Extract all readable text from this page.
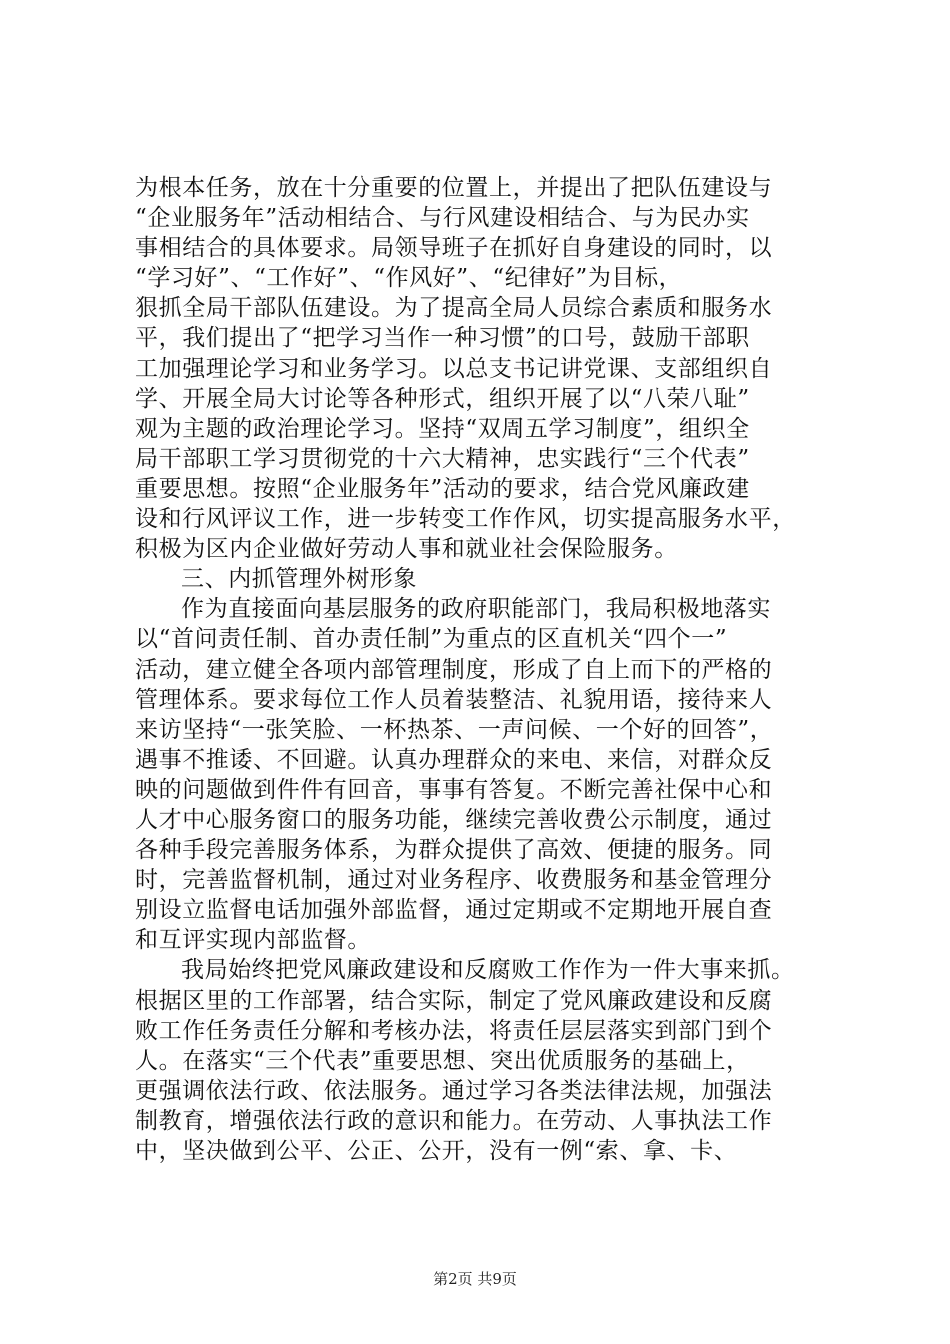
为根本任务，放在十分重要的位置上，并提出了把队伍建设与
“企业服务年”活动相结合、与行风建设相结合、与为民办实
事相结合的具体要求。局领导班子在抓好自身建设的同时，以
“学习好”、“工作好”、“作风好”、“纪律好”为目标，
狠抓全局干部队伍建设。为了提高全局人员综合素质和服务水
平，我们提出了“把学习当作一种习惯”的口号，鼓励干部职
工加强理论学习和业务学习。以总支书记讲党课、支部组织自
学、开展全局大讨论等各种形式，组织开展了以“八荣八耻”
观为主题的政治理论学习。坚持“双周五学习制度”，组织全
局干部职工学习贯彻党的十六大精神，忠实践行“三个代表”
重要思想。按照“企业服务年”活动的要求，结合党风廉政建
设和行风评议工作，进一步转变工作作风，切实提高服务水平，
积极为区内企业做好劳动人事和就业社会保险服务。
三、内抓管理外树形象
作为直接面向基层服务的政府职能部门，我局积极地落实
以“首问责任制、首办责任制”为重点的区直机关“四个一”
活动，建立健全各项内部管理制度，形成了自上而下的严格的
管理体系。要求每位工作人员着装整洁、礼貌用语，接待来人
来访坚持“一张笑脸、一杯热茶、一声问候、一个好的回答”，
遇事不推诿、不回避。认真办理群众的来电、来信，对群众反
映的问题做到件件有回音，事事有答复。不断完善社保中心和
人才中心服务窗口的服务功能，继续完善收费公示制度，通过
各种手段完善服务体系，为群众提供了高效、便捷的服务。同
时，完善监督机制，通过对业务程序、收费服务和基金管理分
别设立监督电话加强外部监督，通过定期或不定期地开展自查
和互评实现内部监督。
我局始终把党风廉政建设和反腐败工作作为一件大事来抓。
根据区里的工作部署，结合实际，制定了党风廉政建设和反腐
败工作任务责任分解和考核办法，将责任层层落实到部门到个
人。在落实“三个代表”重要思想、突出优质服务的基础上，
更强调依法行政、依法服务。通过学习各类法律法规，加强法
制教育，增强依法行政的意识和能力。在劳动、人事执法工作
中，坚决做到公平、公正、公开，没有一例“索、拿、卡、
第2页 共9页
